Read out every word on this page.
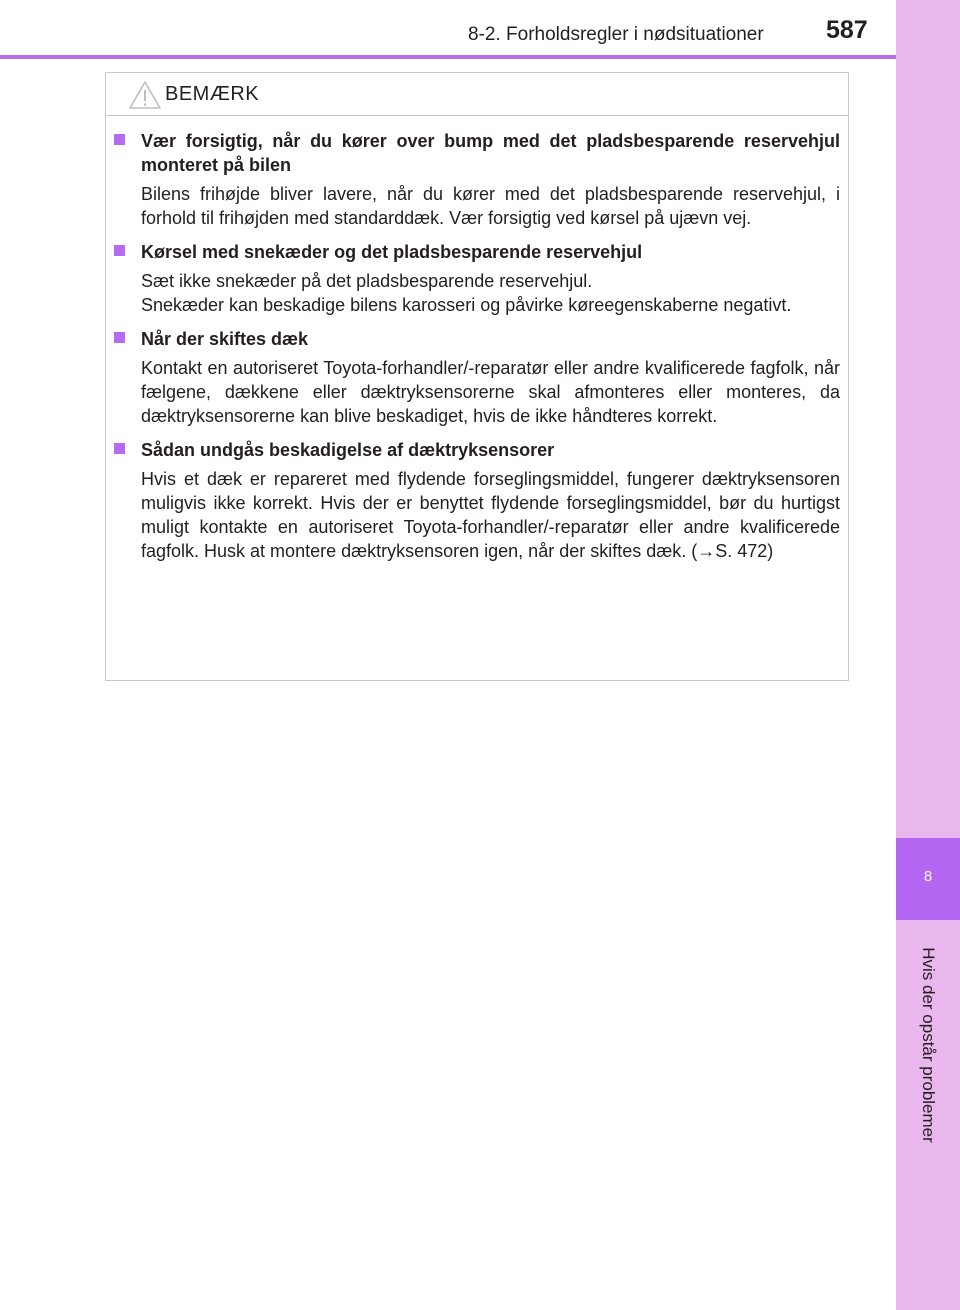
8
Hvis der opstår problemer
8-2. Forholdsregler i nødsituationer 587
BEMÆRK
Vær forsigtig, når du kører over bump med det pladsbesparende reservehjul monteret på bilen

Bilens frihøjde bliver lavere, når du kører med det pladsbesparende reservehjul, i forhold til frihøjden med standarddæk. Vær forsigtig ved kørsel på ujævn vej.

Kørsel med snekæder og det pladsbesparende reservehjul

Sæt ikke snekæder på det pladsbesparende reservehjul.

Snekæder kan beskadige bilens karosseri og påvirke køreegenskaberne negativt.

Når der skiftes dæk

Kontakt en autoriseret Toyota-forhandler/-reparatør eller andre kvalificerede fagfolk, når fælgene, dækkene eller dæktryksensorerne skal afmonteres eller monteres, da dæktryksensorerne kan blive beskadiget, hvis de ikke håndteres korrekt.

Sådan undgås beskadigelse af dæktryksensorer

Hvis et dæk er repareret med flydende forseglingsmiddel, fungerer dæktryksensoren muligvis ikke korrekt. Hvis der er benyttet flydende forseglingsmiddel, bør du hurtigst muligt kontakte en autoriseret Toyota-forhandler/-reparatør eller andre kvalificerede fagfolk. Husk at montere dæktryksensoren igen, når der skiftes dæk. (→S. 472)
